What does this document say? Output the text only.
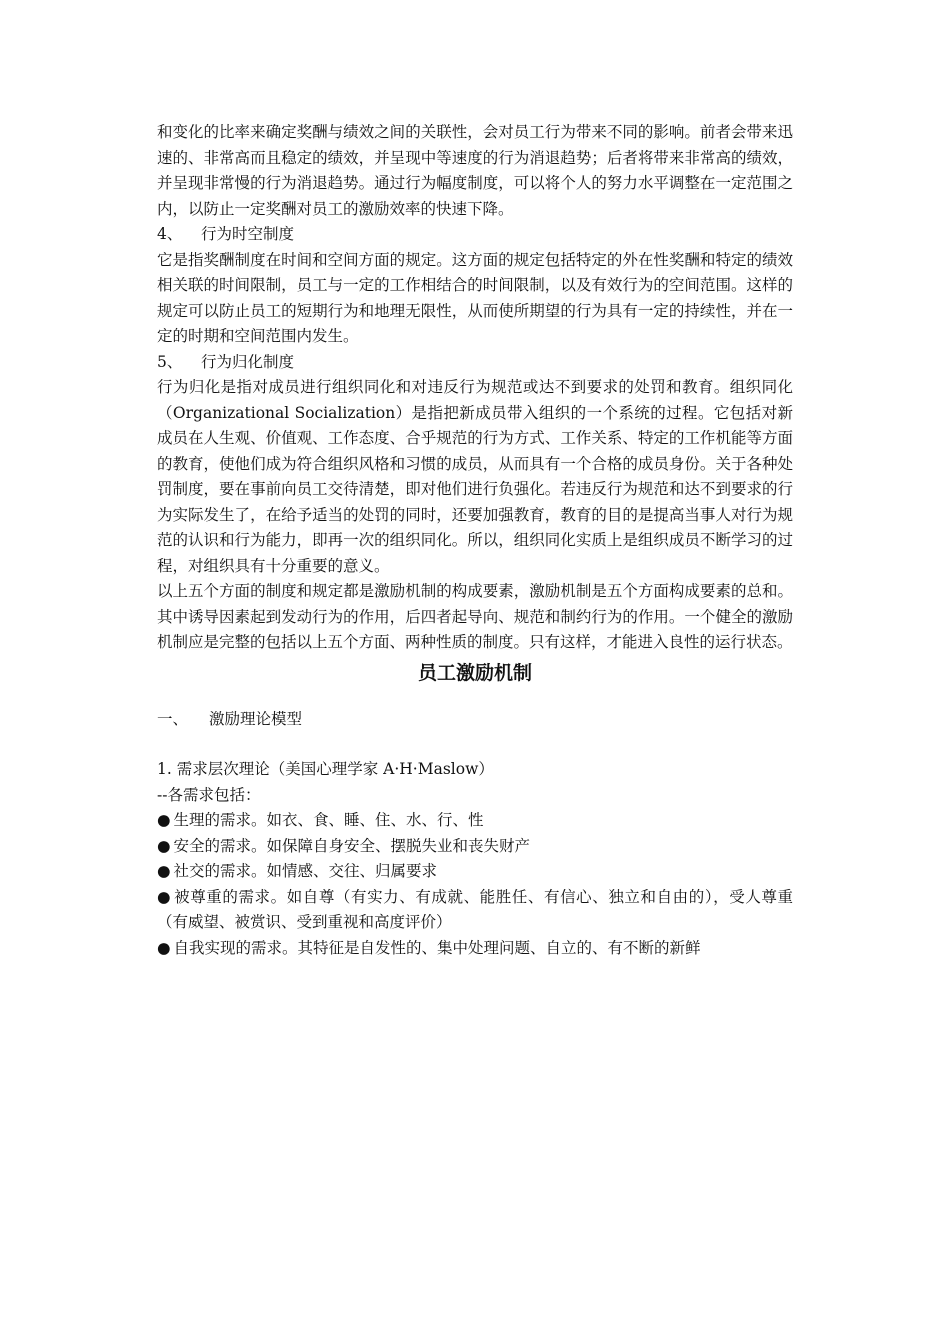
和变化的比率来确定奖酬与绩效之间的关联性，会对员工行为带来不同的影响。前者会带来迅速的、非常高而且稳定的绩效，并呈现中等速度的行为消退趋势；后者将带来非常高的绩效，并呈现非常慢的行为消退趋势。通过行为幅度制度，可以将个人的努力水平调整在一定范围之内，以防止一定奖酬对员工的激励效率的快速下降。

4、 行为时空制度

它是指奖酬制度在时间和空间方面的规定。这方面的规定包括特定的外在性奖酬和特定的绩效相关联的时间限制，员工与一定的工作相结合的时间限制，以及有效行为的空间范围。这样的规定可以防止员工的短期行为和地理无限性，从而使所期望的行为具有一定的持续性，并在一定的时期和空间范围内发生。

5、 行为归化制度

行为归化是指对成员进行组织同化和对违反行为规范或达不到要求的处罚和教育。组织同化（Organizational Socialization）是指把新成员带入组织的一个系统的过程。它包括对新成员在人生观、价值观、工作态度、合乎规范的行为方式、工作关系、特定的工作机能等方面的教育，使他们成为符合组织风格和习惯的成员，从而具有一个合格的成员身份。关于各种处罚制度，要在事前向员工交待清楚，即对他们进行负强化。若违反行为规范和达不到要求的行为实际发生了，在给予适当的处罚的同时，还要加强教育，教育的目的是提高当事人对行为规范的认识和行为能力，即再一次的组织同化。所以，组织同化实质上是组织成员不断学习的过程，对组织具有十分重要的意义。

以上五个方面的制度和规定都是激励机制的构成要素，激励机制是五个方面构成要素的总和。其中诱导因素起到发动行为的作用，后四者起导向、规范和制约行为的作用。一个健全的激励机制应是完整的包括以上五个方面、两种性质的制度。只有这样，才能进入良性的运行状态。

员工激励机制

一、 激励理论模型

1. 需求层次理论（美国心理学家 A·H·Maslow）

--各需求包括：

● 生理的需求。如衣、食、睡、住、水、行、性

● 安全的需求。如保障自身安全、摆脱失业和丧失财产

● 社交的需求。如情感、交往、归属要求

● 被尊重的需求。如自尊（有实力、有成就、能胜任、有信心、独立和自由的），受人尊重（有威望、被赏识、受到重视和高度评价）

● 自我实现的需求。其特征是自发性的、集中处理问题、自立的、有不断的新鲜
